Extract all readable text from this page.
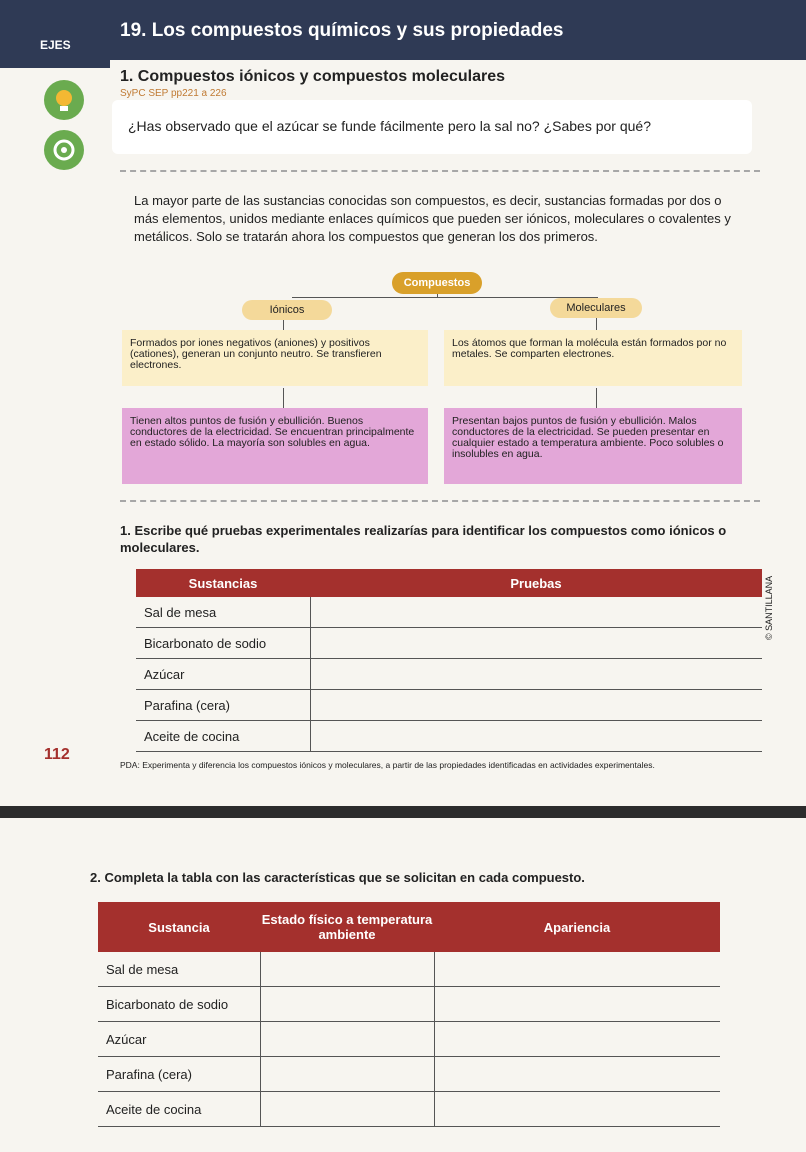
EJES
19. Los compuestos químicos y sus propiedades
1. Compuestos iónicos y compuestos moleculares
SyPC SEP pp221 a 226
¿Has observado que el azúcar se funde fácilmente pero la sal no? ¿Sabes por qué?
La mayor parte de las sustancias conocidas son compuestos, es decir, sustancias formadas por dos o más elementos, unidos mediante enlaces químicos que pueden ser iónicos, moleculares o covalentes y metálicos. Solo se tratarán ahora los compuestos que generan los dos primeros.
Compuestos
Iónicos	Moleculares
Formados por iones negativos (aniones) y positivos (cationes), generan un conjunto neutro. Se transfieren electrones.
Los átomos que forman la molécula están formados por no metales. Se comparten electrones.
Tienen altos puntos de fusión y ebullición. Buenos conductores de la electricidad. Se encuentran principalmente en estado sólido. La mayoría son solubles en agua.
Presentan bajos puntos de fusión y ebullición. Malos conductores de la electricidad. Se pueden presentar en cualquier estado a temperatura ambiente. Poco solubles o insolubles en agua.
1. Escribe qué pruebas experimentales realizarías para identificar los compuestos como iónicos o moleculares.
Sustancias	Pruebas
Sal de mesa	
Bicarbonato de sodio	
Azúcar	
Parafina (cera)	
Aceite de cocina	
© SANTILLANA
112
PDA: Experimenta y diferencia los compuestos iónicos y moleculares, a partir de las propiedades identificadas en actividades experimentales.
2. Completa la tabla con las características que se solicitan en cada compuesto.
Sustancia	Estado físico a temperatura ambiente	Apariencia
Sal de mesa		
Bicarbonato de sodio		
Azúcar		
Parafina (cera)		
Aceite de cocina		
